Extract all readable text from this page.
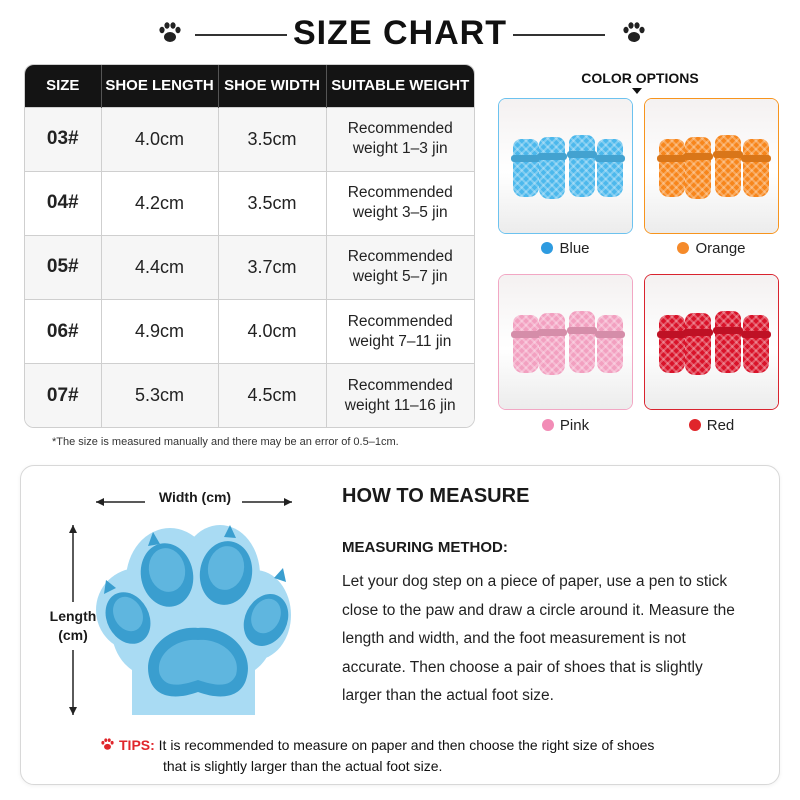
SIZE CHART
SIZE	SHOE LENGTH	SHOE WIDTH	SUITABLE WEIGHT
03#	4.0cm	3.5cm	Recommended
weight 1–3 jin
04#	4.2cm	3.5cm	Recommended
weight 3–5 jin
05#	4.4cm	3.7cm	Recommended
weight 5–7 jin
06#	4.9cm	4.0cm	Recommended
weight 7–11 jin
07#	5.3cm	4.5cm	Recommended
weight 11–16 jin
*The size is measured manually and there may be an error of 0.5–1cm.
COLOR OPTIONS
Blue	Orange
Pink	Red
Width (cm)
Length
(cm)
HOW TO MEASURE
MEASURING METHOD:
Let your dog step on a piece of paper, use a pen to stick
close to the paw and draw a circle around it. Measure the
length and width, and the foot measurement is not
accurate. Then choose a pair of shoes that is slightly
larger than the actual foot size.
TIPS: It is recommended to measure on paper and then choose the right size of shoes
that is slightly larger than the actual foot size.
